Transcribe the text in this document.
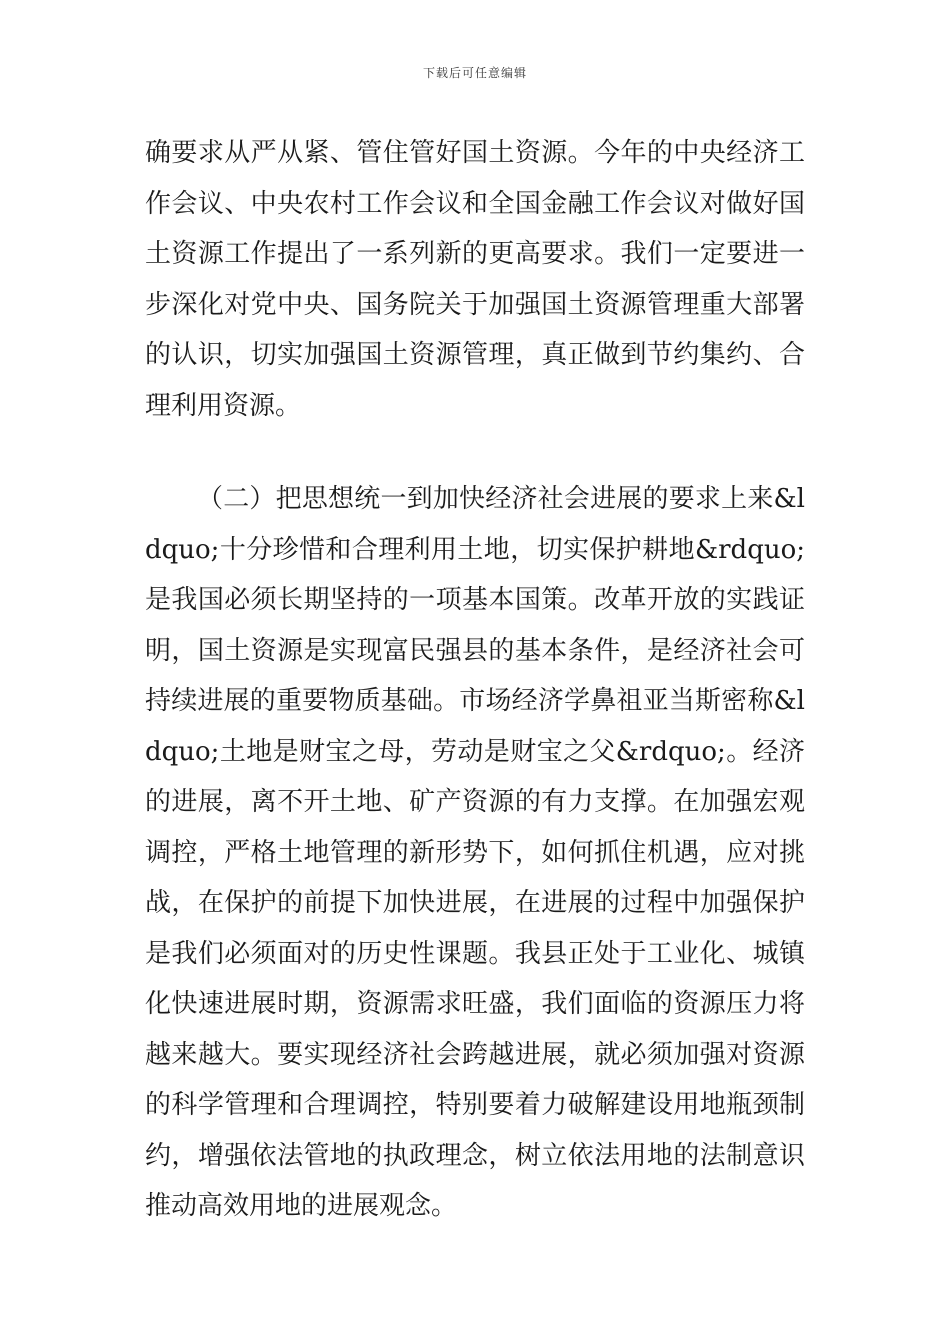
下载后可任意编辑

确要求从严从紧、管住管好国土资源。今年的中央经济工作会议、中央农村工作会议和全国金融工作会议对做好国土资源工作提出了一系列新的更高要求。我们一定要进一步深化对党中央、国务院关于加强国土资源管理重大部署的认识，切实加强国土资源管理，真正做到节约集约、合理利用资源。

（二）把思想统一到加快经济社会进展的要求上来&ldquo;十分珍惜和合理利用土地，切实保护耕地&rdquo;是我国必须长期坚持的一项基本国策。改革开放的实践证明，国土资源是实现富民强县的基本条件，是经济社会可持续进展的重要物质基础。市场经济学鼻祖亚当斯密称&ldquo;土地是财宝之母，劳动是财宝之父&rdquo;。经济的进展，离不开土地、矿产资源的有力支撑。在加强宏观调控，严格土地管理的新形势下，如何抓住机遇，应对挑战，在保护的前提下加快进展，在进展的过程中加强保护是我们必须面对的历史性课题。我县正处于工业化、城镇化快速进展时期，资源需求旺盛，我们面临的资源压力将越来越大。要实现经济社会跨越进展，就必须加强对资源的科学管理和合理调控，特别要着力破解建设用地瓶颈制约，增强依法管地的执政理念，树立依法用地的法制意识推动高效用地的进展观念。
